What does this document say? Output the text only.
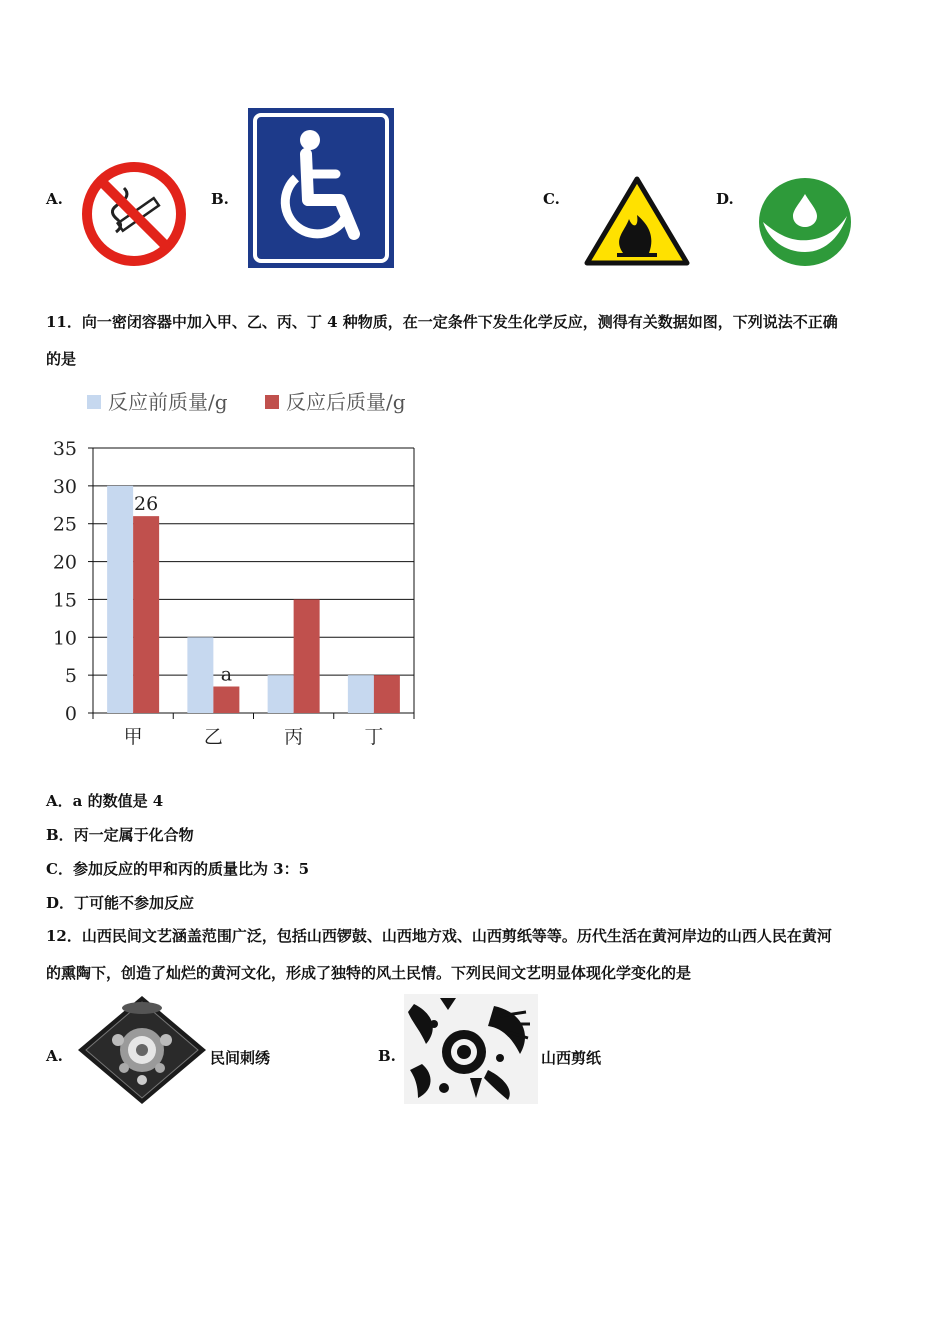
A.	B.	C.	D.
11．向一密闭容器中加入甲、乙、丙、丁 4 种物质，在一定条件下发生化学反应，测得有关数据如图，下列说法不正确
的是
反应前质量/g	反应后质量/g
0
5
10
15
20
25
30
35
甲	乙	丙	丁
26
a
A．a 的数值是 4
B．丙一定属于化合物
C．参加反应的甲和丙的质量比为 3：5
D．丁可能不参加反应
12．山西民间文艺涵盖范围广泛，包括山西锣鼓、山西地方戏、山西剪纸等等。历代生活在黄河岸边的山西人民在黄河
的熏陶下，创造了灿烂的黄河文化，形成了独特的风土民情。下列民间文艺明显体现化学变化的是
A.	民间刺绣	B.	山西剪纸
